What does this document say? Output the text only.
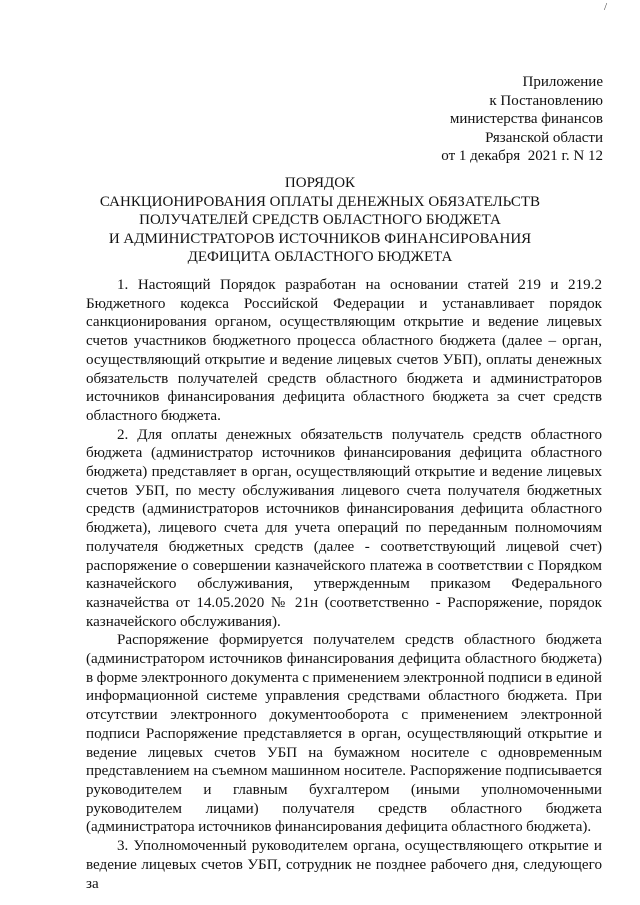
/
Приложение
к Постановлению
министерства финансов
Рязанской области
от 1 декабря  2021 г. N 12
ПОРЯДОК
САНКЦИОНИРОВАНИЯ ОПЛАТЫ ДЕНЕЖНЫХ ОБЯЗАТЕЛЬСТВ
ПОЛУЧАТЕЛЕЙ СРЕДСТВ ОБЛАСТНОГО БЮДЖЕТА
И АДМИНИСТРАТОРОВ ИСТОЧНИКОВ ФИНАНСИРОВАНИЯ
ДЕФИЦИТА ОБЛАСТНОГО БЮДЖЕТА

1. Настоящий Порядок разработан на основании статей 219 и 219.2 Бюджетного кодекса Российской Федерации и устанавливает порядок санкционирования органом, осуществляющим открытие и ведение лицевых счетов участников бюджетного процесса областного бюджета (далее – орган, осуществляющий открытие и ведение лицевых счетов УБП), оплаты денежных обязательств получателей средств областного бюджета и администраторов источников финансирования дефицита областного бюджета за счет средств областного бюджета.

2. Для оплаты денежных обязательств получатель средств областного бюджета (администратор источников финансирования дефицита областного бюджета) представляет в орган, осуществляющий открытие и ведение лицевых счетов УБП, по месту обслуживания лицевого счета получателя бюджетных средств (администраторов источников финансирования дефицита областного бюджета), лицевого счета для учета операций по переданным полномочиям получателя бюджетных средств (далее - соответствующий лицевой счет) распоряжение о совершении казначейского платежа в соответствии с Порядком казначейского обслуживания, утвержденным приказом Федерального казначейства от 14.05.2020 № 21н (соответственно - Распоряжение, порядок казначейского обслуживания).

Распоряжение формируется получателем средств областного бюджета (администратором источников финансирования дефицита областного бюджета) в форме электронного документа с применением электронной подписи в единой информационной системе управления средствами областного бюджета. При отсутствии электронного документооборота с применением электронной подписи Распоряжение представляется в орган, осуществляющий открытие и ведение лицевых счетов УБП на бумажном носителе с одновременным представлением на съемном машинном носителе. Распоряжение подписывается руководителем и главным бухгалтером (иными уполномоченными руководителем лицами) получателя средств областного бюджета (администратора источников финансирования дефицита областного бюджета).

3. Уполномоченный руководителем органа, осуществляющего открытие и ведение лицевых счетов УБП, сотрудник не позднее рабочего дня, следующего за
